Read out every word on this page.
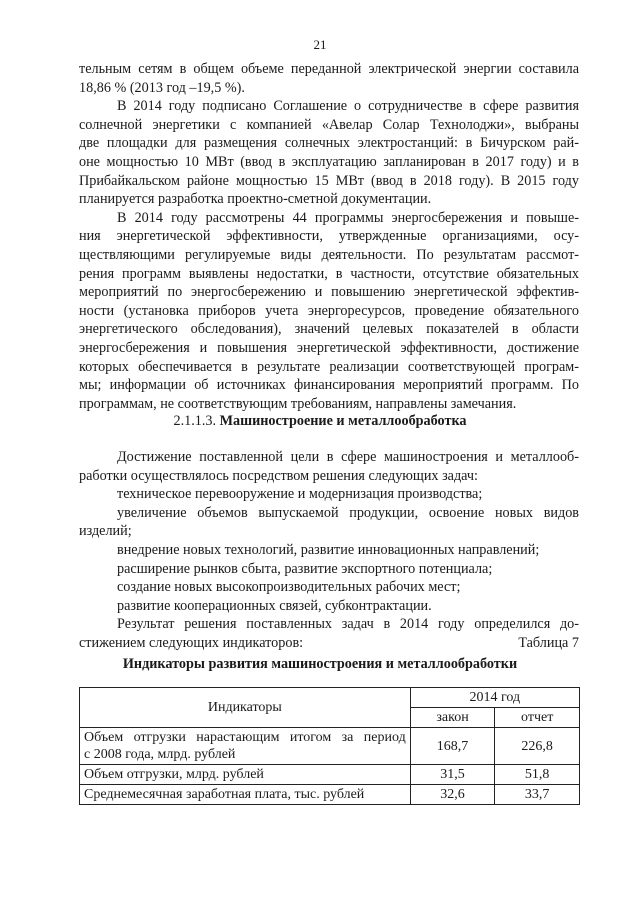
21
тельным сетям в общем объеме переданной электрической энергии составила
18,86 % (2013 год –19,5 %).
В 2014 году подписано Соглашение о сотрудничестве в сфере развития
солнечной энергетики с компанией «Авелар Солар Технолоджи», выбраны
две площадки для размещения солнечных электростанций: в Бичурском рай-
оне мощностью 10 МВт (ввод в эксплуатацию запланирован в 2017 году) и в
Прибайкальском районе мощностью 15 МВт (ввод в 2018 году). В 2015 году
планируется разработка проектно-сметной документации.
В 2014 году рассмотрены 44 программы энергосбережения и повыше-
ния энергетической эффективности, утвержденные организациями, осу-
ществляющими регулируемые виды деятельности. По результатам рассмот-
рения программ выявлены недостатки, в частности, отсутствие обязательных
мероприятий по энергосбережению и повышению энергетической эффектив-
ности (установка приборов учета энергоресурсов, проведение обязательного
энергетического обследования), значений целевых показателей в области
энергосбережения и повышения энергетической эффективности, достижение
которых обеспечивается в результате реализации соответствующей програм-
мы; информации об источниках финансирования мероприятий программ. По
программам, не соответствующим требованиям, направлены замечания.
2.1.1.3. Машиностроение и металлообработка
Достижение поставленной цели в сфере машиностроения и металлооб-
работки осуществлялось посредством решения следующих задач:
техническое перевооружение и модернизация производства;
увеличение объемов выпускаемой продукции, освоение новых видов
изделий;
внедрение новых технологий, развитие инновационных направлений;
расширение рынков сбыта, развитие экспортного потенциала;
создание новых высокопроизводительных рабочих мест;
развитие кооперационных связей, субконтрактации.
Результат решения поставленных задач в 2014 году определился до-
стижением следующих индикаторов:	Таблица 7
Индикаторы развития машиностроения и металлообработки
Индикаторы	2014 год	
	закон	отчет

Объем отгрузки нарастающим итогом за период
с 2008 года, млрд. рублей	168,7	226,8
Объем отгрузки, млрд. рублей	31,5	51,8
Среднемесячная заработная плата, тыс. рублей	32,6	33,7
